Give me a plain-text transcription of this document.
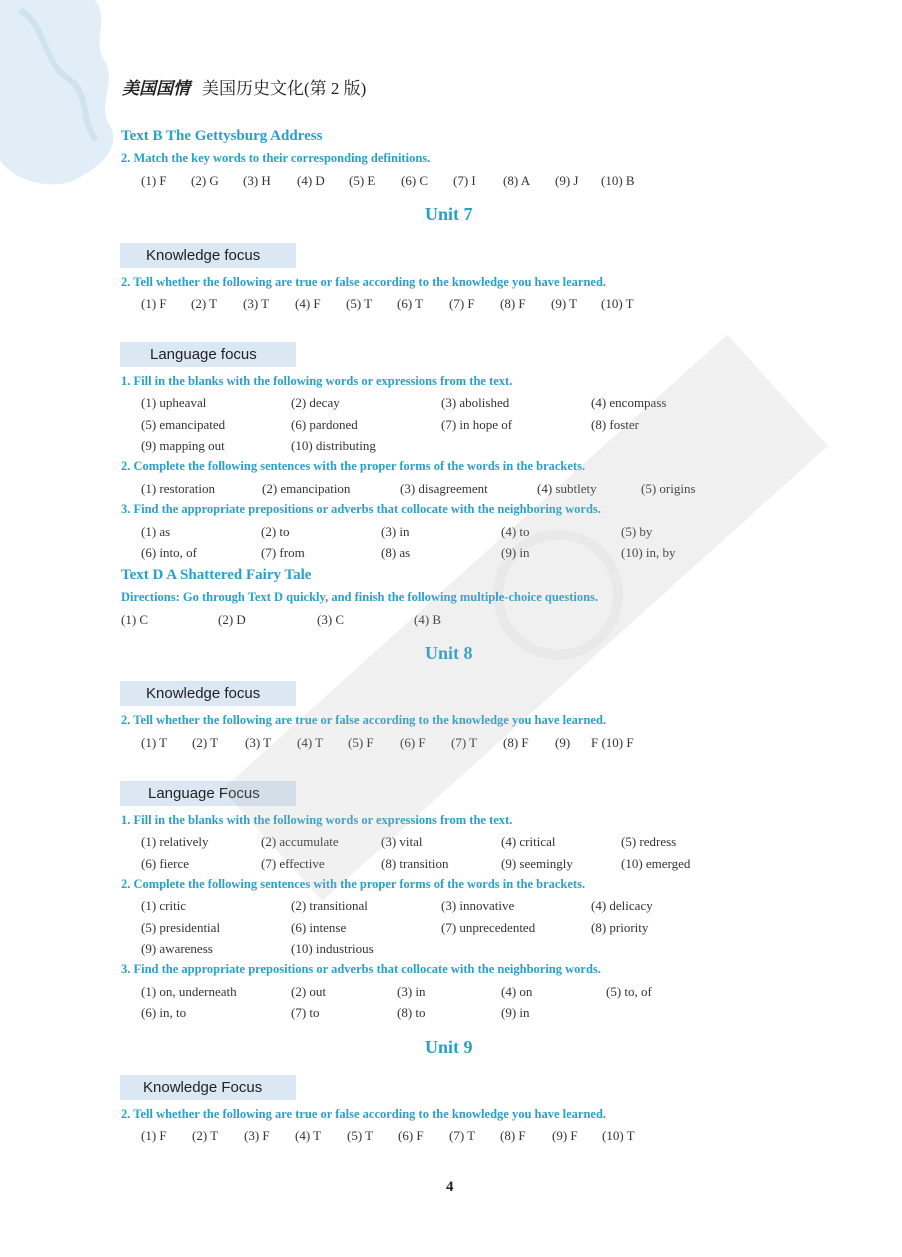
美国国情 美国历史文化(第 2 版)
Text B The Gettysburg Address
2. Match the key words to their corresponding definitions.
(1) F (2) G (3) H (4) D (5) E (6) C (7) I (8) A (9) J (10) B
Unit 7
Knowledge focus
2. Tell whether the following are true or false according to the knowledge you have learned.
(1) F (2) T (3) T (4) F (5) T (6) T (7) F (8) F (9) T (10) T
Language focus
1. Fill in the blanks with the following words or expressions from the text.
(1) upheaval	(2) decay	(3) abolished	(4) encompass
(5) emancipated	(6) pardoned	(7) in hope of	(8) foster
(9) mapping out	(10) distributing
2. Complete the following sentences with the proper forms of the words in the brackets.
(1) restoration	(2) emancipation	(3) disagreement	(4) subtlety	(5) origins
3. Find the appropriate prepositions or adverbs that collocate with the neighboring words.
(1) as	(2) to	(3) in	(4) to	(5) by
(6) into, of	(7) from	(8) as	(9) in	(10) in, by
Text D A Shattered Fairy Tale
Directions: Go through Text D quickly, and finish the following multiple-choice questions.
(1) C	(2) D	(3) C	(4) B
Unit 8
Knowledge focus
2. Tell whether the following are true or false according to the knowledge you have learned.
(1) T (2) T (3) T (4) T (5) F (6) F (7) T (8) F (9) F (10) F
Language Focus
1. Fill in the blanks with the following words or expressions from the text.
(1) relatively	(2) accumulate	(3) vital	(4) critical	(5) redress
(6) fierce	(7) effective	(8) transition	(9) seemingly	(10) emerged
2. Complete the following sentences with the proper forms of the words in the brackets.
(1) critic	(2) transitional	(3) innovative	(4) delicacy
(5) presidential	(6) intense	(7) unprecedented	(8) priority
(9) awareness	(10) industrious
3. Find the appropriate prepositions or adverbs that collocate with the neighboring words.
(1) on, underneath	(2) out	(3) in	(4) on	(5) to, of
(6) in, to	(7) to	(8) to	(9) in
Unit 9
Knowledge Focus
2. Tell whether the following are true or false according to the knowledge you have learned.
(1) F (2) T (3) F (4) T (5) T (6) F (7) T (8) F (9) F (10) T
4
